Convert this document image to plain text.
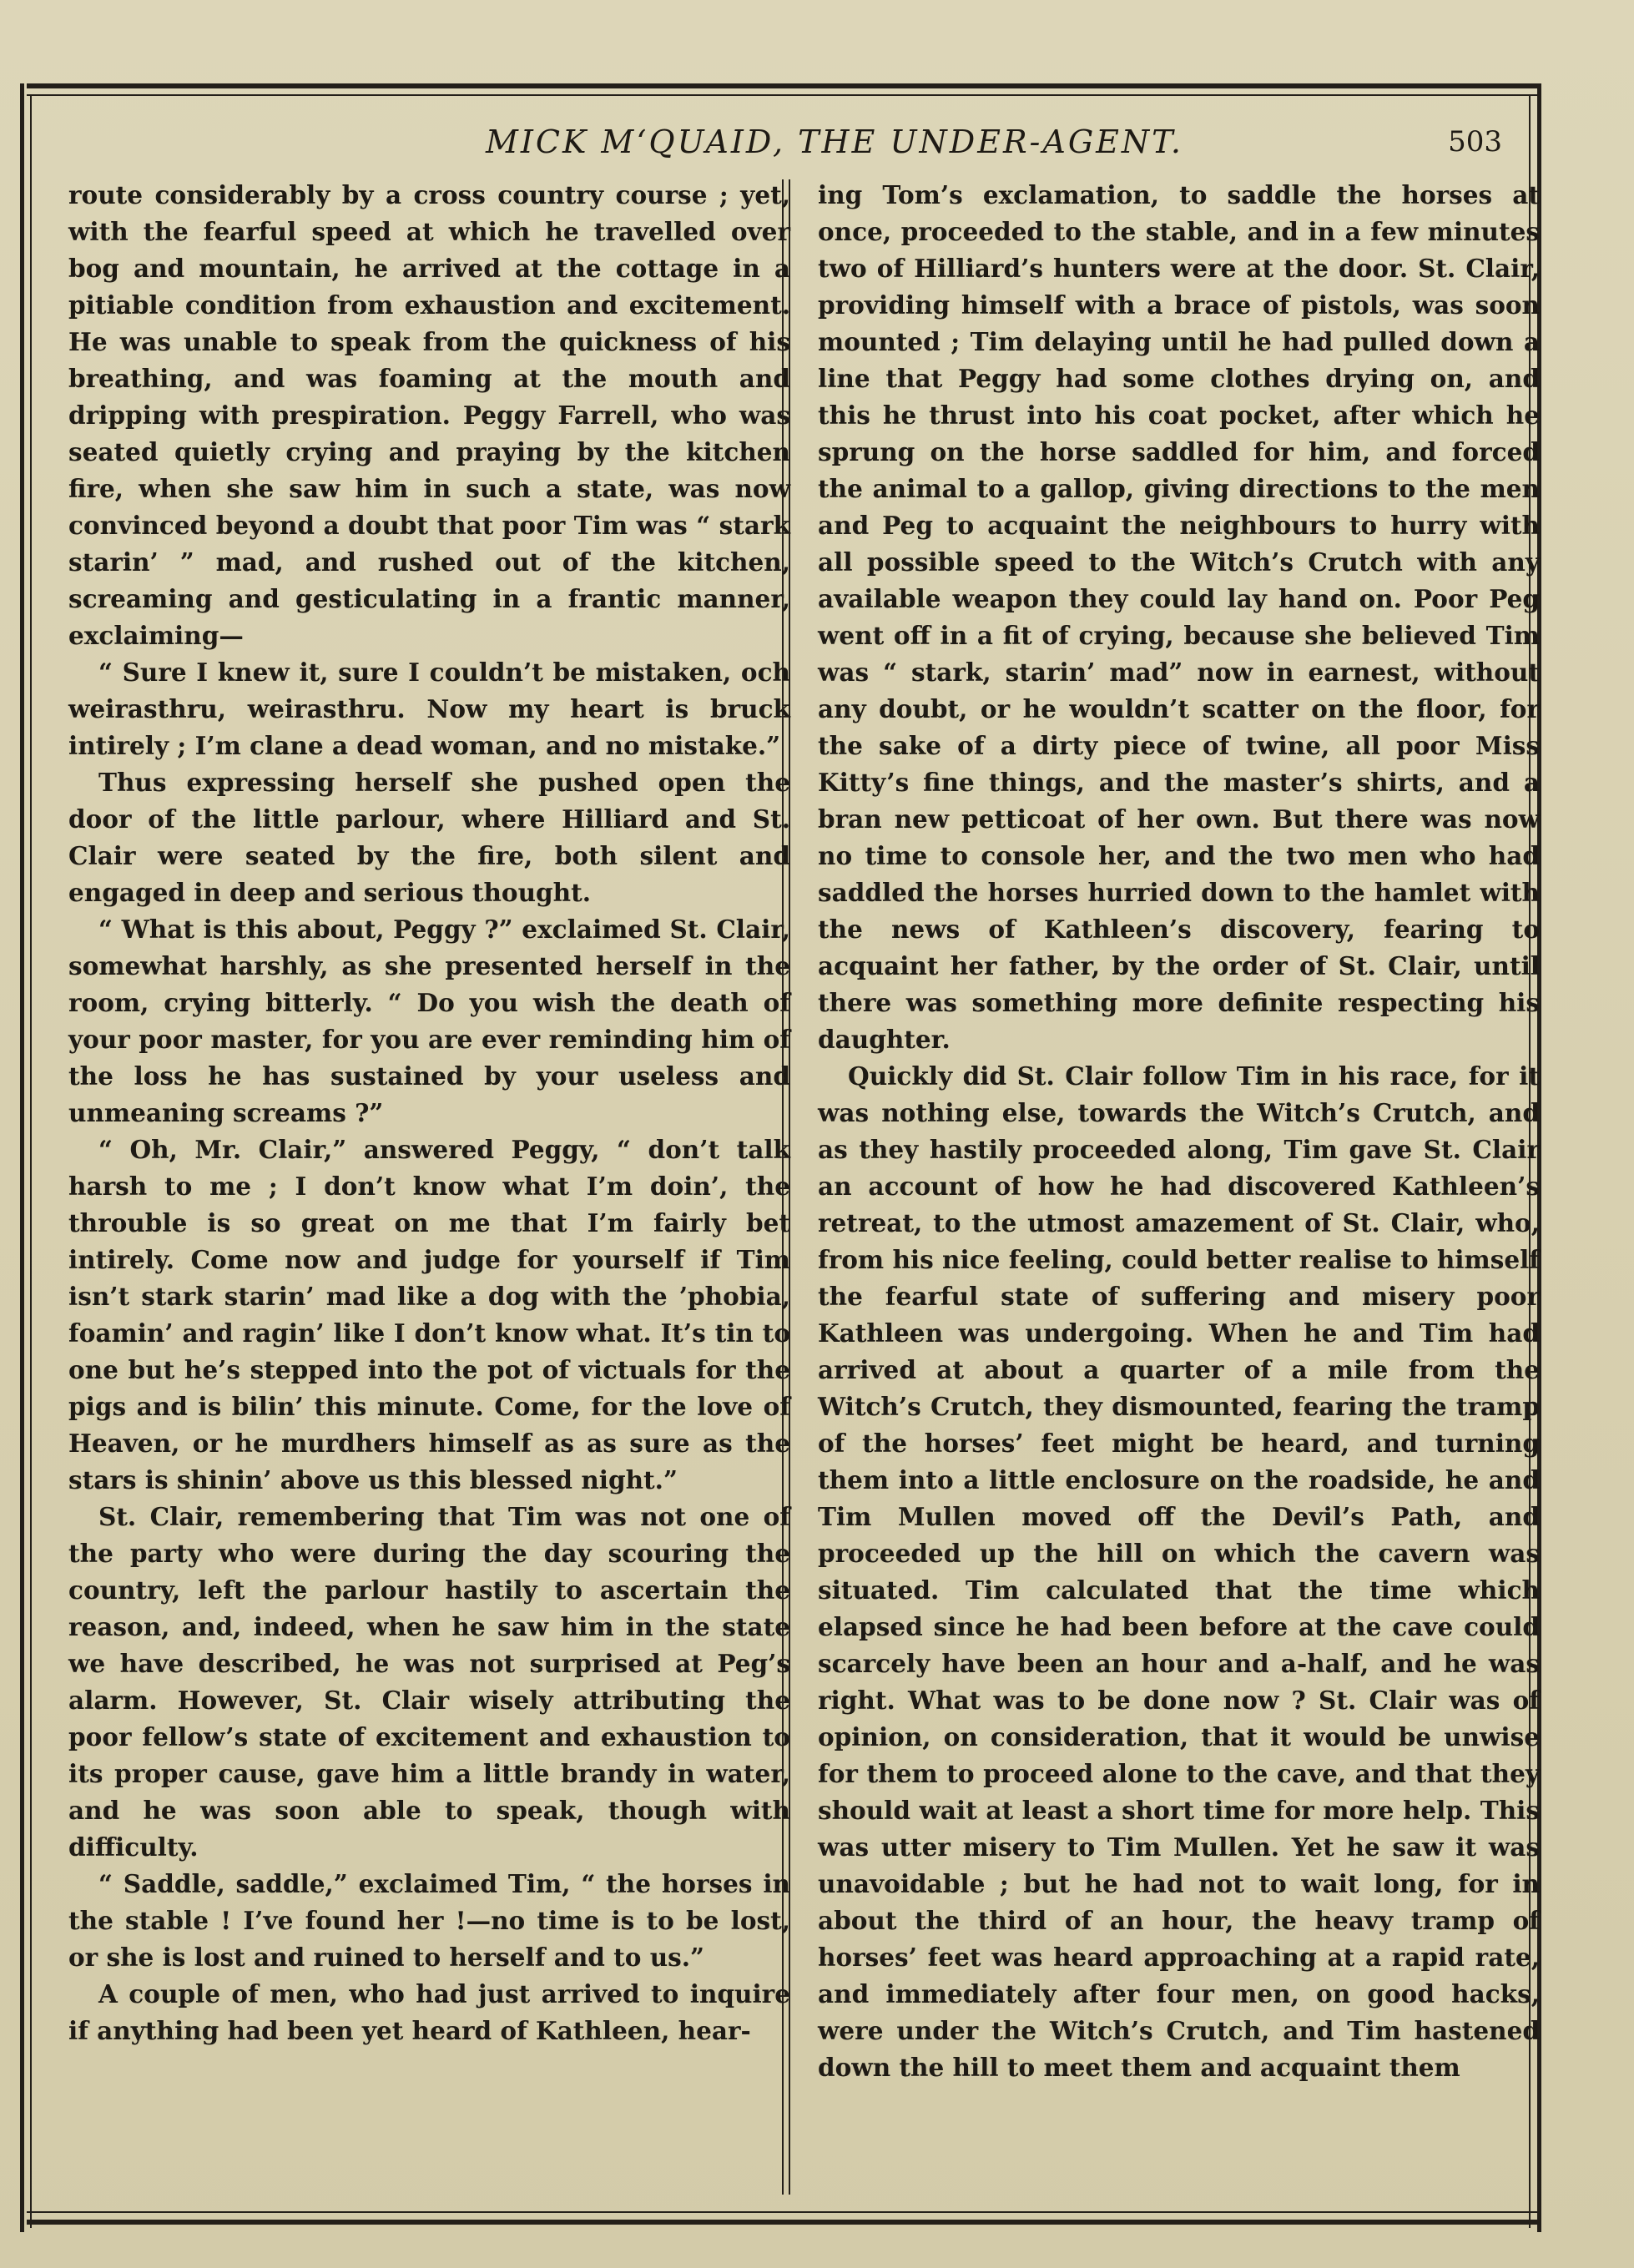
MICK M‘QUAID, THE UNDER-AGENT.	503

route considerably by a cross country course ; yet, with the fearful speed at which he travelled over bog and mountain, he arrived at the cottage in a pitiable condition from exhaustion and excitement. He was unable to speak from the quickness of his breathing, and was foaming at the mouth and dripping with prespiration. Peggy Farrell, who was seated quietly crying and praying by the kitchen fire, when she saw him in such a state, was now convinced beyond a doubt that poor Tim was “ stark starin’ ” mad, and rushed out of the kitchen, screaming and gesticulating in a frantic manner, exclaiming—

“ Sure I knew it, sure I couldn’t be mistaken, och weirasthru, weirasthru. Now my heart is bruck intirely ; I’m clane a dead woman, and no mistake.”

Thus expressing herself she pushed open the door of the little parlour, where Hilliard and St. Clair were seated by the fire, both silent and engaged in deep and serious thought.

“ What is this about, Peggy ?” exclaimed St. Clair, somewhat harshly, as she presented herself in the room, crying bitterly. “ Do you wish the death of your poor master, for you are ever reminding him of the loss he has sustained by your useless and unmeaning screams ?”

“ Oh, Mr. Clair,” answered Peggy, “ don’t talk harsh to me ; I don’t know what I’m doin’, the throuble is so great on me that I’m fairly bet intirely. Come now and judge for yourself if Tim isn’t stark starin’ mad like a dog with the ’phobia, foamin’ and ragin’ like I don’t know what. It’s tin to one but he’s stepped into the pot of victuals for the pigs and is bilin’ this minute. Come, for the love of Heaven, or he murdhers himself as as sure as the stars is shinin’ above us this blessed night.”

St. Clair, remembering that Tim was not one of the party who were during the day scouring the country, left the parlour hastily to ascertain the reason, and, indeed, when he saw him in the state we have described, he was not surprised at Peg’s alarm. However, St. Clair wisely attributing the poor fellow’s state of excitement and exhaustion to its proper cause, gave him a little brandy in water, and he was soon able to speak, though with difficulty.

“ Saddle, saddle,” exclaimed Tim, “ the horses in the stable ! I’ve found her !—no time is to be lost, or she is lost and ruined to herself and to us.”

A couple of men, who had just arrived to inquire if anything had been yet heard of Kathleen, hear-

ing Tom’s exclamation, to saddle the horses at once, proceeded to the stable, and in a few minutes two of Hilliard’s hunters were at the door. St. Clair, providing himself with a brace of pistols, was soon mounted ; Tim delaying until he had pulled down a line that Peggy had some clothes drying on, and this he thrust into his coat pocket, after which he sprung on the horse saddled for him, and forced the animal to a gallop, giving directions to the men and Peg to acquaint the neighbours to hurry with all possible speed to the Witch’s Crutch with any available weapon they could lay hand on. Poor Peg went off in a fit of crying, because she believed Tim was “ stark, starin’ mad” now in earnest, without any doubt, or he wouldn’t scatter on the floor, for the sake of a dirty piece of twine, all poor Miss Kitty’s fine things, and the master’s shirts, and a bran new petticoat of her own. But there was now no time to console her, and the two men who had saddled the horses hurried down to the hamlet with the news of Kathleen’s discovery, fearing to acquaint her father, by the order of St. Clair, until there was something more definite respecting his daughter.

Quickly did St. Clair follow Tim in his race, for it was nothing else, towards the Witch’s Crutch, and as they hastily proceeded along, Tim gave St. Clair an account of how he had discovered Kathleen’s retreat, to the utmost amazement of St. Clair, who, from his nice feeling, could better realise to himself the fearful state of suffering and misery poor Kathleen was undergoing. When he and Tim had arrived at about a quarter of a mile from the Witch’s Crutch, they dismounted, fearing the tramp of the horses’ feet might be heard, and turning them into a little enclosure on the roadside, he and Tim Mullen moved off the Devil’s Path, and proceeded up the hill on which the cavern was situated. Tim calculated that the time which elapsed since he had been before at the cave could scarcely have been an hour and a-half, and he was right. What was to be done now ? St. Clair was of opinion, on consideration, that it would be unwise for them to proceed alone to the cave, and that they should wait at least a short time for more help. This was utter misery to Tim Mullen. Yet he saw it was unavoidable ; but he had not to wait long, for in about the third of an hour, the heavy tramp of horses’ feet was heard approaching at a rapid rate, and immediately after four men, on good hacks, were under the Witch’s Crutch, and Tim hastened down the hill to meet them and acquaint them
